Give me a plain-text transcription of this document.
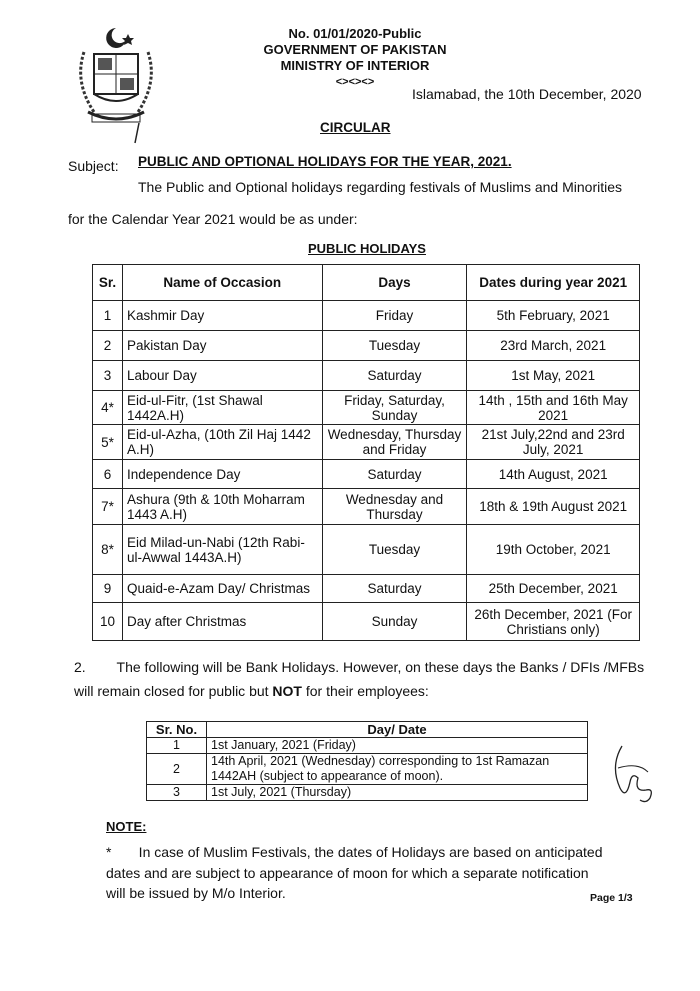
No. 01/01/2020-Public
GOVERNMENT OF PAKISTAN
MINISTRY OF INTERIOR
<><><>
Islamabad, the 10th December, 2020
CIRCULAR
Subject: PUBLIC AND OPTIONAL HOLIDAYS FOR THE YEAR, 2021.
The Public and Optional holidays regarding festivals of Muslims and Minorities
for the Calendar Year 2021 would be as under:
PUBLIC HOLIDAYS
Sr.	Name of Occasion	Days	Dates during year 2021
1	Kashmir Day	Friday	5th February, 2021
2	Pakistan Day	Tuesday	23rd March, 2021
3	Labour Day	Saturday	1st May, 2021
4*	Eid-ul-Fitr, (1st Shawal 1442A.H)	Friday, Saturday, Sunday	14th , 15th and 16th May 2021
5*	Eid-ul-Azha, (10th Zil Haj 1442 A.H)	Wednesday, Thursday and Friday	21st July,22nd and 23rd July, 2021
6	Independence Day	Saturday	14th August, 2021
7*	Ashura (9th & 10th Moharram 1443 A.H)	Wednesday and Thursday	18th & 19th August 2021
8*	Eid Milad-un-Nabi (12th Rabi-ul-Awwal 1443A.H)	Tuesday	19th October, 2021
9	Quaid-e-Azam Day/ Christmas	Saturday	25th December, 2021
10	Day after Christmas	Sunday	26th December, 2021 (For Christians only)
2.        The following will be Bank Holidays. However, on these days the Banks / DFIs /MFBs
will remain closed for public but NOT for their employees:
Sr. No.	Day/ Date
1	1st January, 2021 (Friday)
2	14th April, 2021 (Wednesday) corresponding to 1st Ramazan 1442AH (subject to appearance of moon).
3	1st July, 2021 (Thursday)
NOTE:
*       In case of Muslim Festivals, the dates of Holidays are based on anticipated
dates and are subject to appearance of moon for which a separate notification
will be issued by M/o Interior.	Page 1/3
